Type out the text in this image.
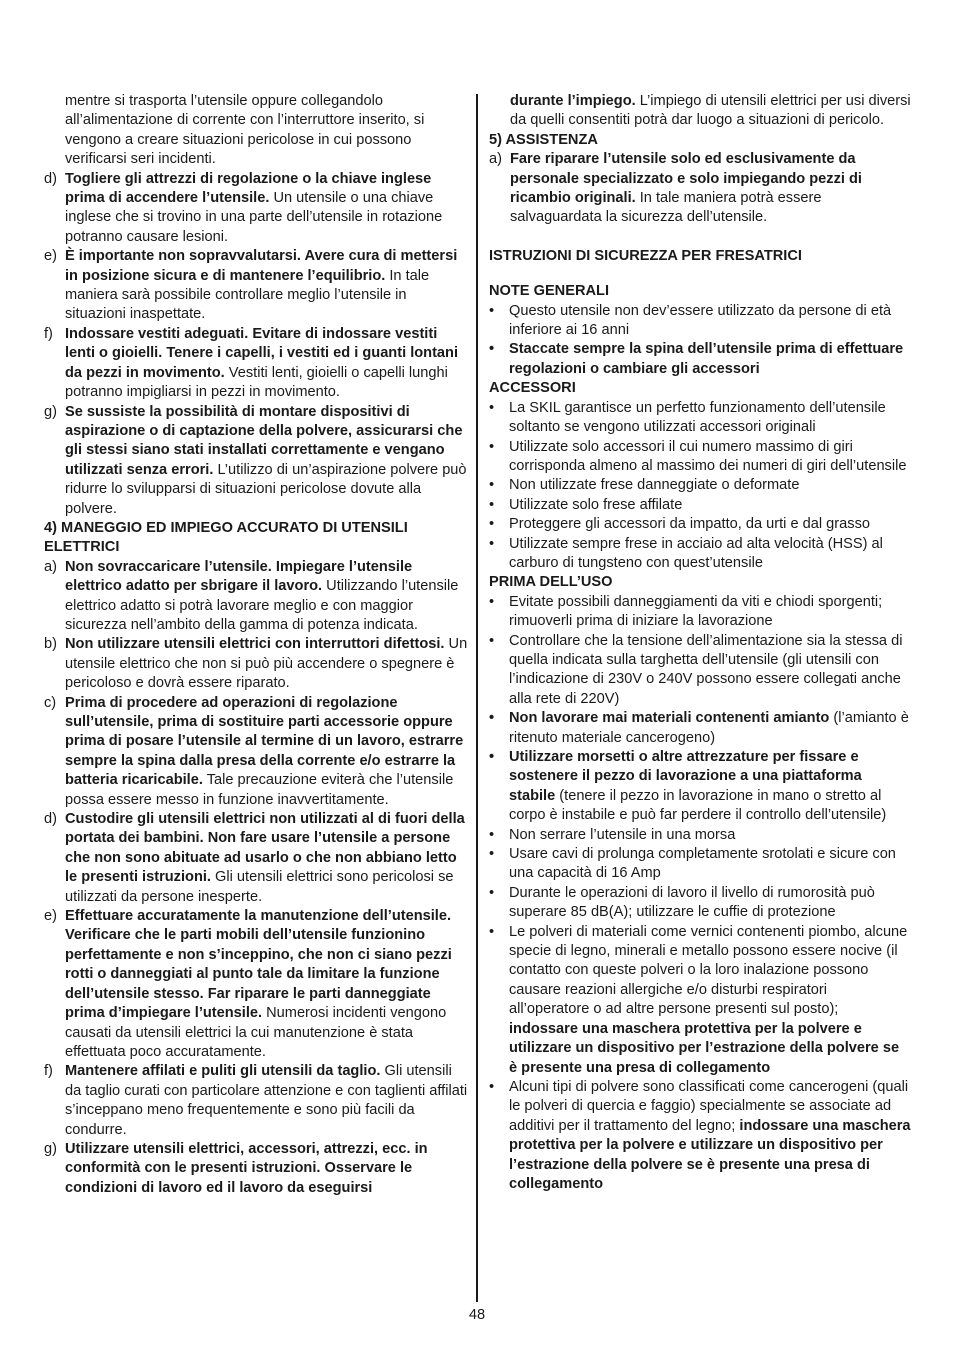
mentre si trasporta l’utensile oppure collegandolo all’alimentazione di corrente con l’interruttore inserito, si vengono a creare situazioni pericolose in cui possono verificarsi seri incidenti.
d) Togliere gli attrezzi di regolazione o la chiave inglese prima di accendere l’utensile. Un utensile o una chiave inglese che si trovino in una parte dell’utensile in rotazione potranno causare lesioni.
e) È importante non sopravvalutarsi. Avere cura di mettersi in posizione sicura e di mantenere l’equilibrio. In tale maniera sarà possibile controllare meglio l’utensile in situazioni inaspettate.
f) Indossare vestiti adeguati. Evitare di indossare vestiti lenti o gioielli. Tenere i capelli, i vestiti ed i guanti lontani da pezzi in movimento. Vestiti lenti, gioielli o capelli lunghi potranno impigliarsi in pezzi in movimento.
g) Se sussiste la possibilità di montare dispositivi di aspirazione o di captazione della polvere, assicurarsi che gli stessi siano stati installati correttamente e vengano utilizzati senza errori. L’utilizzo di un’aspirazione polvere può ridurre lo svilupparsi di situazioni pericolose dovute alla polvere.
4) MANEGGIO ED IMPIEGO ACCURATO DI UTENSILI ELETTRICI
a) Non sovraccaricare l’utensile. Impiegare l’utensile elettrico adatto per sbrigare il lavoro. Utilizzando l’utensile elettrico adatto si potrà lavorare meglio e con maggior sicurezza nell’ambito della gamma di potenza indicata.
b) Non utilizzare utensili elettrici con interruttori difettosi. Un utensile elettrico che non si può più accendere o spegnere è pericoloso e dovrà essere riparato.
c) Prima di procedere ad operazioni di regolazione sull’utensile, prima di sostituire parti accessorie oppure prima di posare l’utensile al termine di un lavoro, estrarre sempre la spina dalla presa della corrente e/o estrarre la batteria ricaricabile. Tale precauzione eviterà che l’utensile possa essere messo in funzione inavvertitamente.
d) Custodire gli utensili elettrici non utilizzati al di fuori della portata dei bambini. Non fare usare l’utensile a persone che non sono abituate ad usarlo o che non abbiano letto le presenti istruzioni. Gli utensili elettrici sono pericolosi se utilizzati da persone inesperte.
e) Effettuare accuratamente la manutenzione dell’utensile. Verificare che le parti mobili dell’utensile funzionino perfettamente e non s’inceppino, che non ci siano pezzi rotti o danneggiati al punto tale da limitare la funzione dell’utensile stesso. Far riparare le parti danneggiate prima d’impiegare l’utensile. Numerosi incidenti vengono causati da utensili elettrici la cui manutenzione è stata effettuata poco accuratamente.
f) Mantenere affilati e puliti gli utensili da taglio. Gli utensili da taglio curati con particolare attenzione e con taglienti affilati s’inceppano meno frequentemente e sono più facili da condurre.
g) Utilizzare utensili elettrici, accessori, attrezzi, ecc. in conformità con le presenti istruzioni. Osservare le condizioni di lavoro ed il lavoro da eseguirsi
durante l’impiego. L’impiego di utensili elettrici per usi diversi da quelli consentiti potrà dar luogo a situazioni di pericolo.
5) ASSISTENZA
a) Fare riparare l’utensile solo ed esclusivamente da personale specializzato e solo impiegando pezzi di ricambio originali. In tale maniera potrà essere salvaguardata la sicurezza dell’utensile.
ISTRUZIONI DI SICUREZZA PER FRESATRICI
NOTE GENERALI
•	Questo utensile non dev’essere utilizzato da persone di età inferiore ai 16 anni
•	Staccate sempre la spina dell’utensile prima di effettuare regolazioni o cambiare gli accessori
ACCESSORI
•	La SKIL garantisce un perfetto funzionamento dell’utensile soltanto se vengono utilizzati accessori originali
•	Utilizzate solo accessori il cui numero massimo di giri corrisponda almeno al massimo dei numeri di giri dell’utensile
•	Non utilizzate frese danneggiate o deformate
•	Utilizzate solo frese affilate
•	Proteggere gli accessori da impatto, da urti e dal grasso
•	Utilizzate sempre frese in acciaio ad alta velocità (HSS) al carburo di tungsteno con quest’utensile
PRIMA DELL’USO
•	Evitate possibili danneggiamenti da viti e chiodi sporgenti; rimuoverli prima di iniziare la lavorazione
•	Controllare che la tensione dell’alimentazione sia la stessa di quella indicata sulla targhetta dell’utensile (gli utensili con l’indicazione di 230V o 240V possono essere collegati anche alla rete di 220V)
•	Non lavorare mai materiali contenenti amianto (l’amianto è ritenuto materiale cancerogeno)
•	Utilizzare morsetti o altre attrezzature per fissare e sostenere il pezzo di lavorazione a una piattaforma stabile (tenere il pezzo in lavorazione in mano o stretto al corpo è instabile e può far perdere il controllo dell’utensile)
•	Non serrare l’utensile in una morsa
•	Usare cavi di prolunga completamente srotolati e sicure con una capacità di 16 Amp
•	Durante le operazioni di lavoro il livello di rumorosità può superare 85 dB(A); utilizzare le cuffie di protezione
•	Le polveri di materiali come vernici contenenti piombo, alcune specie di legno, minerali e metallo possono essere nocive (il contatto con queste polveri o la loro inalazione possono causare reazioni allergiche e/o disturbi respiratori all’operatore o ad altre persone presenti sul posto); indossare una maschera protettiva per la polvere e utilizzare un dispositivo per l’estrazione della polvere se è presente una presa di collegamento
•	Alcuni tipi di polvere sono classificati come cancerogeni (quali le polveri di quercia e faggio) specialmente se associate ad additivi per il trattamento del legno; indossare una maschera protettiva per la polvere e utilizzare un dispositivo per l’estrazione della polvere se è presente una presa di collegamento
48
